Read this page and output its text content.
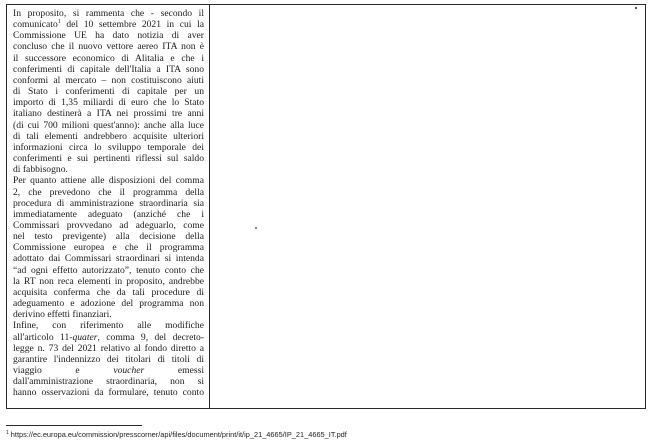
In proposito, si rammenta che - secondo il
comunicato$^1$ del 10 settembre 2021 in cui la
Commissione UE ha dato notizia di aver
concluso che il nuovo vettore aereo ITA non è
il successore economico di Alitalia e che i
conferimenti di capitale dell'Italia a ITA sono
conformi al mercato – non costituiscono aiuti
di Stato i conferimenti di capitale per un
importo di 1,35 miliardi di euro che lo Stato
italiano destinerà a ITA nei prossimi tre anni
(di cui 700 milioni quest'anno): anche alla luce
di tali elementi andrebbero acquisite ulteriori
informazioni circa lo sviluppo temporale dei
conferimenti e sui pertinenti riflessi sul saldo
di fabbisogno.
Per quanto attiene alle disposizioni del comma
2, che prevedono che il programma della
procedura di amministrazione straordinaria sia
immediatamente adeguato (anziché che i
Commissari provvedano ad adeguarlo, come
nel testo previgente) alla decisione della
Commissione europea e che il programma
adottato dai Commissari straordinari si intenda
“ad ogni effetto autorizzato”, tenuto conto che
la RT non reca elementi in proposito, andrebbe
acquisita conferma che da tali procedure di
adeguamento e adozione del programma non
derivino effetti finanziari.
Infine, con riferimento alle modifiche
all'articolo 11-quater, comma 9, del decreto-
legge n. 73 del 2021 relativo al fondo diretto a
garantire l'indennizzo dei titolari di titoli di
viaggio	e	voucher	emessi
dall'amministrazione straordinaria, non si
hanno osservazioni da formulare, tenuto conto
$^1$ https://ec.europa.eu/commission/presscorner/api/files/document/print/it/ip_21_4665/IP_21_4665_IT.pdf
